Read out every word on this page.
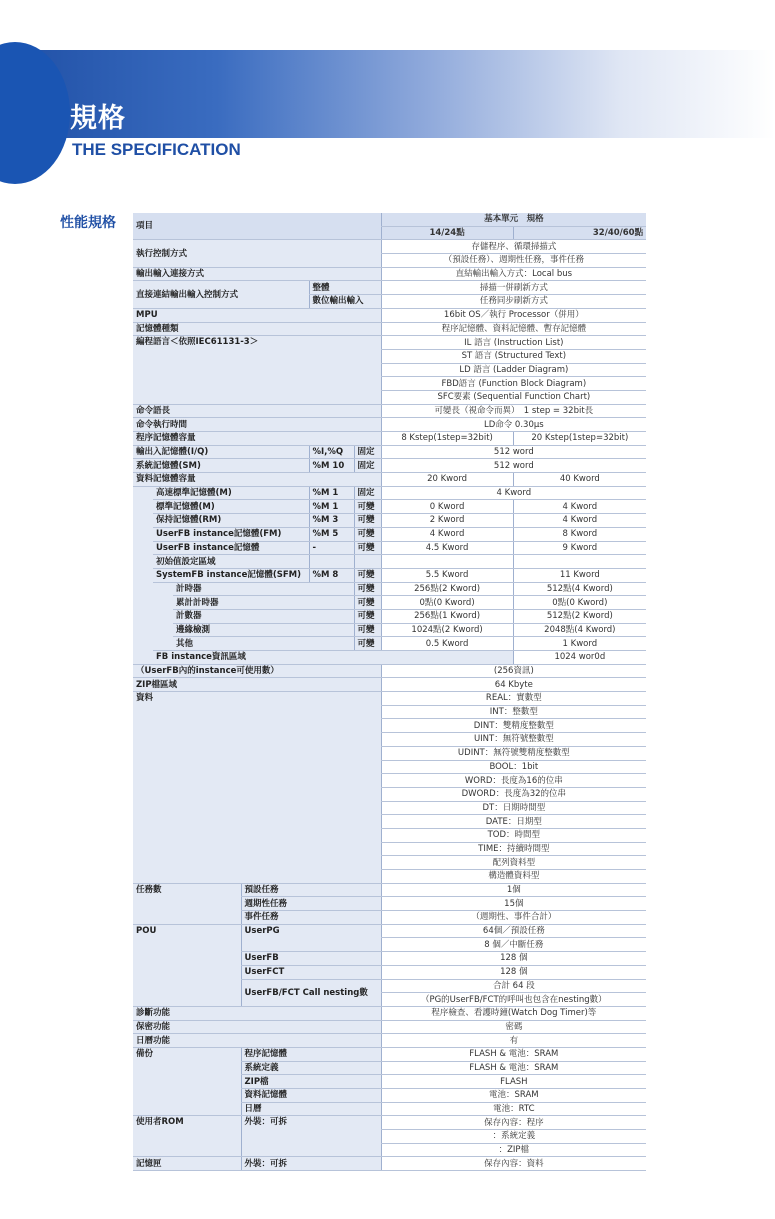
規格
THE SPECIFICATION
性能規格 項目						基本單元　規格	
						14/24點	32/40/60點
執行控制方式						存儲程序、循環掃描式	
						（預設任務）、週期性任務，事件任務	
輸出輸入連接方式						直結輸出輸入方式：Local bus	
直接連結輸出輸入控制方式				整體		掃描一併刷新方式	
				數位輸出輸入		任務同步刷新方式	
MPU						16bit OS／執行 Processor（併用）	
記憶體種類						程序記憶體、資料記憶體、暫存記憶體	
編程語言＜依照IEC61131-3＞						IL 語言 (Instruction List)	
						ST 語言 (Structured Text)	
						LD 語言 (Ladder Diagram)	
						FBD語言 (Function Block Diagram)	
						SFC要素 (Sequential Function Chart)	
命令語長						可變長（視命令而異）　1 step = 32bit長	
命令執行時間						LD命令 0.30µs	
程序記憶體容量						8 Kstep(1step=32bit)	20 Kstep(1step=32bit)
輸出入記憶體(I/Q)				%I,%Q	固定	512 word	
系統記憶體(SM)				%M 10	固定	512 word	
資料記憶體容量						20 Kword	40 Kword
	高速標準記憶體(M)			%M 1	固定	4 Kword	
	標準記憶體(M)			%M 1	可變	0 Kword	4 Kword
	保持記憶體(RM)			%M 3	可變	2 Kword	4 Kword
	UserFB instance記憶體(FM)			%M 5	可變	4 Kword	8 Kword
	UserFB instance記憶體			-	可變	4.5 Kword	9 Kword
	初始值設定區域						
	SystemFB instance記憶體(SFM)			%M 8	可變	5.5 Kword	11 Kword
		計時器			可變	256點(2 Kword)	512點(4 Kword)
		累計計時器			可變	0點(0 Kword)	0點(0 Kword)
		計數器			可變	256點(1 Kword)	512點(2 Kword)
		邊緣檢測			可變	1024點(2 Kword)	2048點(4 Kword)
		其他			可變	0.5 Kword	1 Kword
	FB instance資訊區域						1024 wor0d
（UserFB內的instance可使用數）						(256資訊)	
ZIP檔區域						64 Kbyte	
資料						REAL：實數型	
						INT：整數型	
						DINT：雙精度整數型	
						UINT：無符號整數型	
						UDINT：無符號雙精度整數型	
						BOOL：1bit	
						WORD：長度為16的位串	
						DWORD：長度為32的位串	
						DT：日期時間型	
						DATE：日期型	
						TOD：時間型	
						TIME：持續時間型	
						配列資料型	
						構造體資料型	
任務數			預設任務			1個	
			週期性任務			15個	
			事件任務			（週期性、事件合計）	
POU			UserPG			64個／預設任務	
						8 個／中斷任務	
			UserFB			128 個	
			UserFCT			128 個	
			UserFB/FCT Call nesting數			合計 64 段	
						（PG的UserFB/FCT的呼叫也包含在nesting數）	
診斷功能						程序檢查、看護時鐘(Watch Dog Timer)等	
保密功能						密碼	
日曆功能						有	
備份			程序記憶體			FLASH & 電池：SRAM	
			系統定義			FLASH & 電池：SRAM	
			ZIP檔			FLASH	
			資料記憶體			電池：SRAM	
			日曆			電池：RTC	
使用者ROM			外裝：可拆			保存內容：程序	
						：系統定義	
						：ZIP檔	
記憶匣			外裝：可拆			保存內容：資料	
